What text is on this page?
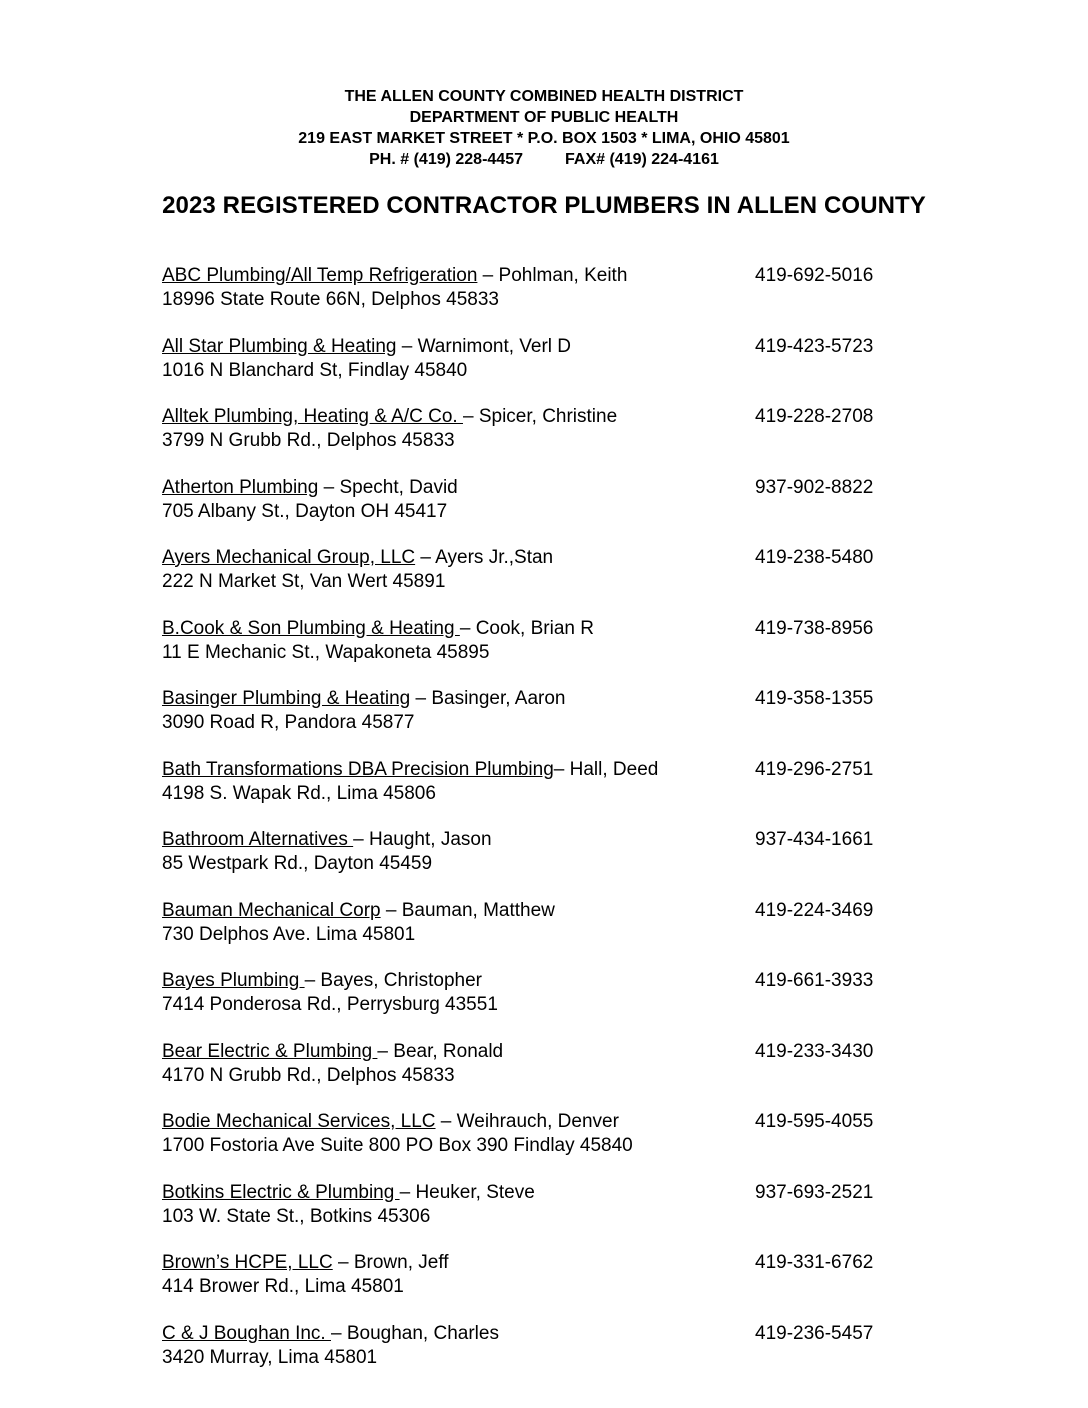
THE ALLEN COUNTY COMBINED HEALTH DISTRICT
DEPARTMENT OF PUBLIC HEALTH
219 EAST MARKET STREET * P.O. BOX 1503 * LIMA, OHIO 45801
PH. # (419) 228-4457	FAX# (419) 224-4161
2023 REGISTERED CONTRACTOR PLUMBERS IN ALLEN COUNTY
ABC Plumbing/All Temp Refrigeration – Pohlman, Keith
18996 State Route 66N, Delphos 45833
419-692-5016
All Star Plumbing & Heating – Warnimont, Verl D
1016 N Blanchard St, Findlay 45840
419-423-5723
Alltek Plumbing, Heating & A/C Co. – Spicer, Christine
3799 N Grubb Rd., Delphos 45833
419-228-2708
Atherton Plumbing – Specht, David
705 Albany St., Dayton OH 45417
937-902-8822
Ayers Mechanical Group, LLC – Ayers Jr.,Stan
222 N Market St, Van Wert 45891
419-238-5480
B.Cook & Son Plumbing & Heating – Cook, Brian R
11 E Mechanic St., Wapakoneta 45895
419-738-8956
Basinger Plumbing & Heating – Basinger, Aaron
3090 Road R, Pandora 45877
419-358-1355
Bath Transformations DBA Precision Plumbing– Hall, Deed
4198 S. Wapak Rd., Lima 45806
419-296-2751
Bathroom Alternatives – Haught, Jason
85 Westpark Rd., Dayton 45459
937-434-1661
Bauman Mechanical Corp – Bauman, Matthew
730 Delphos Ave. Lima 45801
419-224-3469
Bayes Plumbing – Bayes, Christopher
7414 Ponderosa Rd., Perrysburg 43551
419-661-3933
Bear Electric & Plumbing – Bear, Ronald
4170 N Grubb Rd., Delphos 45833
419-233-3430
Bodie Mechanical Services, LLC – Weihrauch, Denver
1700 Fostoria Ave Suite 800 PO Box 390 Findlay 45840
419-595-4055
Botkins Electric & Plumbing – Heuker, Steve
103 W. State St., Botkins 45306
937-693-2521
Brown’s HCPE, LLC – Brown, Jeff
414 Brower Rd., Lima 45801
419-331-6762
C & J Boughan Inc. – Boughan, Charles
3420 Murray, Lima 45801
419-236-5457
